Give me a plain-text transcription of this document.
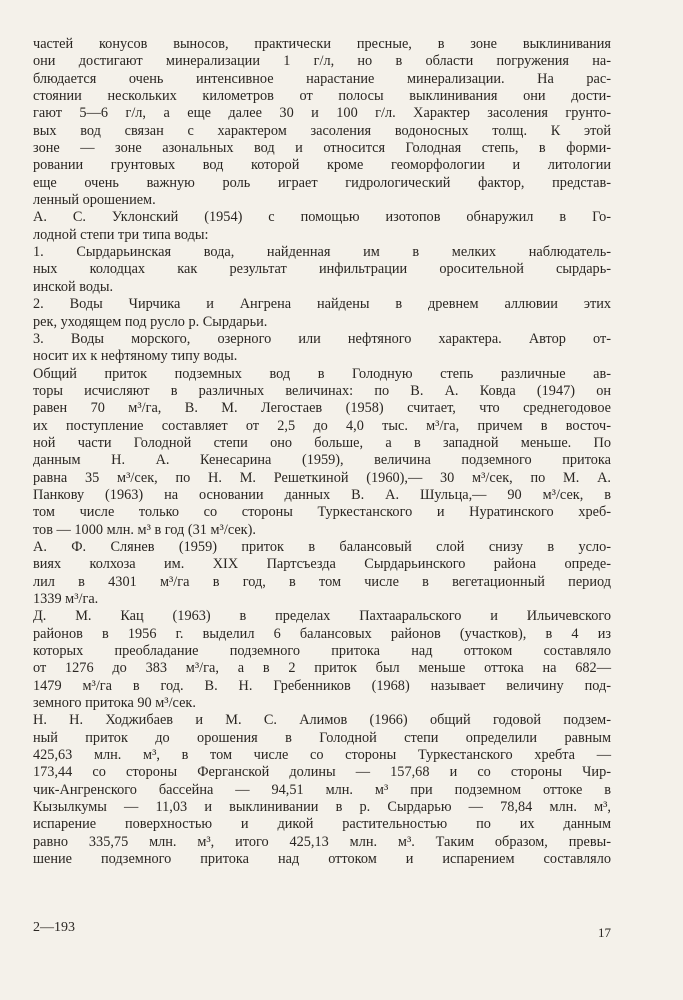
частей конусов выносов, практически пресные, в зоне выклинивания
они достигают минерализации 1 г/л, но в области погружения на-
блюдается очень интенсивное нарастание минерализации. На рас-
стоянии нескольких километров от полосы выклинивания они дости-
гают 5—6 г/л, а еще далее 30 и 100 г/л. Характер засоления грунто-
вых вод связан с характером засоления водоносных толщ. К этой
зоне — зоне азональных вод и относится Голодная степь, в форми-
ровании грунтовых вод которой кроме геоморфологии и литологии
еще очень важную роль играет гидрологический фактор, представ-
ленный орошением.
А. С. Уклонский (1954) с помощью изотопов обнаружил в Го-
лодной степи три типа воды:
1. Сырдарьинская вода, найденная им в мелких наблюдатель-
ных колодцах как результат инфильтрации оросительной сырдарь-
инской воды.
2. Воды Чирчика и Ангрена найдены в древнем аллювии этих
рек, уходящем под русло р. Сырдарьи.
3. Воды морского, озерного или нефтяного характера. Автор от-
носит их к нефтяному типу воды.
Общий приток подземных вод в Голодную степь различные ав-
торы исчисляют в различных величинах: по В. А. Ковда (1947) он
равен 70 м³/га, В. М. Легостаев (1958) считает, что среднегодовое
их поступление составляет от 2,5 до 4,0 тыс. м³/га, причем в восточ-
ной части Голодной степи оно больше, а в западной меньше. По
данным Н. А. Кенесарина (1959), величина подземного притока
равна 35 м³/сек, по Н. М. Решеткиной (1960),— 30 м³/сек, по М. А.
Панкову (1963) на основании данных В. А. Шульца,— 90 м³/сек, в
том числе только со стороны Туркестанского и Нуратинского хреб-
тов — 1000 млн. м³ в год (31 м³/сек).
А. Ф. Слянев (1959) приток в балансовый слой снизу в усло-
виях колхоза им. XIX Партсъезда Сырдарьинского района опреде-
лил в 4301 м³/га в год, в том числе в вегетационный период
1339 м³/га.
Д. М. Кац (1963) в пределах Пахтааральского и Ильичевского
районов в 1956 г. выделил 6 балансовых районов (участков), в 4 из
которых преобладание подземного притока над оттоком составляло
от 1276 до 383 м³/га, а в 2 приток был меньше оттока на 682—
1479 м³/га в год. В. Н. Гребенников (1968) называет величину под-
земного притока 90 м³/сек.
Н. Н. Ходжибаев и М. С. Алимов (1966) общий годовой подзем-
ный приток до орошения в Голодной степи определили равным
425,63 млн. м³, в том числе со стороны Туркестанского хребта —
173,44 со стороны Ферганской долины — 157,68 и со стороны Чир-
чик-Ангренского бассейна — 94,51 млн. м³ при подземном оттоке в
Кызылкумы — 11,03 и выклинивании в р. Сырдарью — 78,84 млн. м³,
испарение поверхностью и дикой растительностью по их данным
равно 335,75 млн. м³, итого 425,13 млн. м³. Таким образом, превы-
шение подземного притока над оттоком и испарением составляло
2—193	17
